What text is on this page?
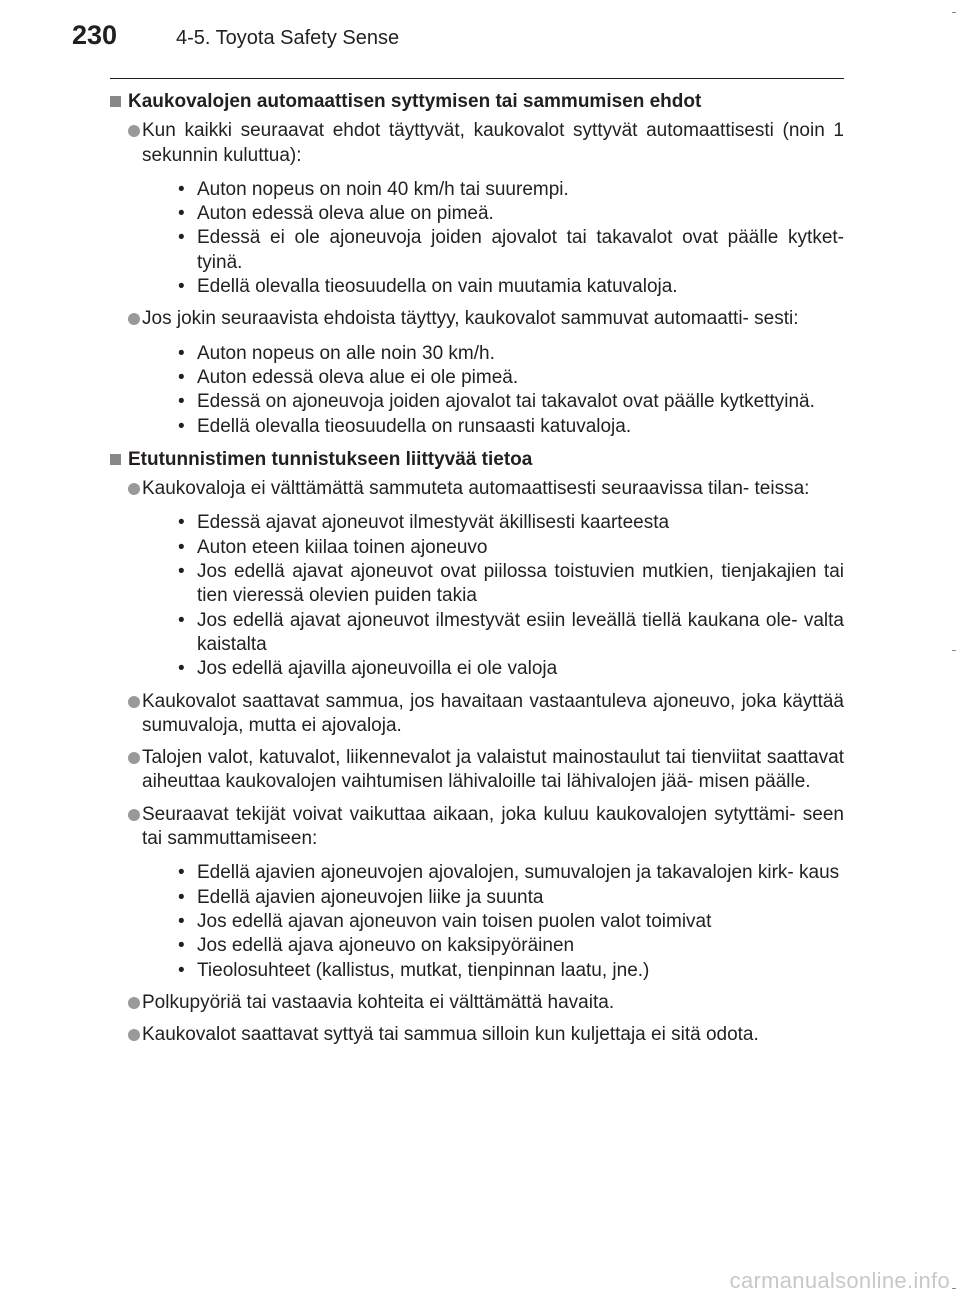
230	4-5. Toyota Safety Sense
Kaukovalojen automaattisen syttymisen tai sammumisen ehdot
Kun kaikki seuraavat ehdot täyttyvät, kaukovalot syttyvät automaattisesti (noin 1 sekunnin kuluttua):
• Auton nopeus on noin 40 km/h tai suurempi.
• Auton edessä oleva alue on pimeä.
• Edessä ei ole ajoneuvoja joiden ajovalot tai takavalot ovat päälle kytket- tyinä.
• Edellä olevalla tieosuudella on vain muutamia katuvaloja.
Jos jokin seuraavista ehdoista täyttyy, kaukovalot sammuvat automaatti- sesti:
• Auton nopeus on alle noin 30 km/h.
• Auton edessä oleva alue ei ole pimeä.
• Edessä on ajoneuvoja joiden ajovalot tai takavalot ovat päälle kytkettyinä.
• Edellä olevalla tieosuudella on runsaasti katuvaloja.
Etutunnistimen tunnistukseen liittyvää tietoa
Kaukovaloja ei välttämättä sammuteta automaattisesti seuraavissa tilan- teissa:
• Edessä ajavat ajoneuvot ilmestyvät äkillisesti kaarteesta
• Auton eteen kiilaa toinen ajoneuvo
• Jos edellä ajavat ajoneuvot ovat piilossa toistuvien mutkien, tienjakajien tai tien vieressä olevien puiden takia
• Jos edellä ajavat ajoneuvot ilmestyvät esiin leveällä tiellä kaukana ole- valta kaistalta
• Jos edellä ajavilla ajoneuvoilla ei ole valoja
Kaukovalot saattavat sammua, jos havaitaan vastaantuleva ajoneuvo, joka käyttää sumuvaloja, mutta ei ajovaloja.
Talojen valot, katuvalot, liikennevalot ja valaistut mainostaulut tai tienviitat saattavat aiheuttaa kaukovalojen vaihtumisen lähivaloille tai lähivalojen jää- misen päälle.
Seuraavat tekijät voivat vaikuttaa aikaan, joka kuluu kaukovalojen sytyttämi- seen tai sammuttamiseen:
• Edellä ajavien ajoneuvojen ajovalojen, sumuvalojen ja takavalojen kirk- kaus
• Edellä ajavien ajoneuvojen liike ja suunta
• Jos edellä ajavan ajoneuvon vain toisen puolen valot toimivat
• Jos edellä ajava ajoneuvo on kaksipyöräinen
• Tieolosuhteet (kallistus, mutkat, tienpinnan laatu, jne.)
Polkupyöriä tai vastaavia kohteita ei välttämättä havaita.
Kaukovalot saattavat syttyä tai sammua silloin kun kuljettaja ei sitä odota.
carmanualsonline.info
